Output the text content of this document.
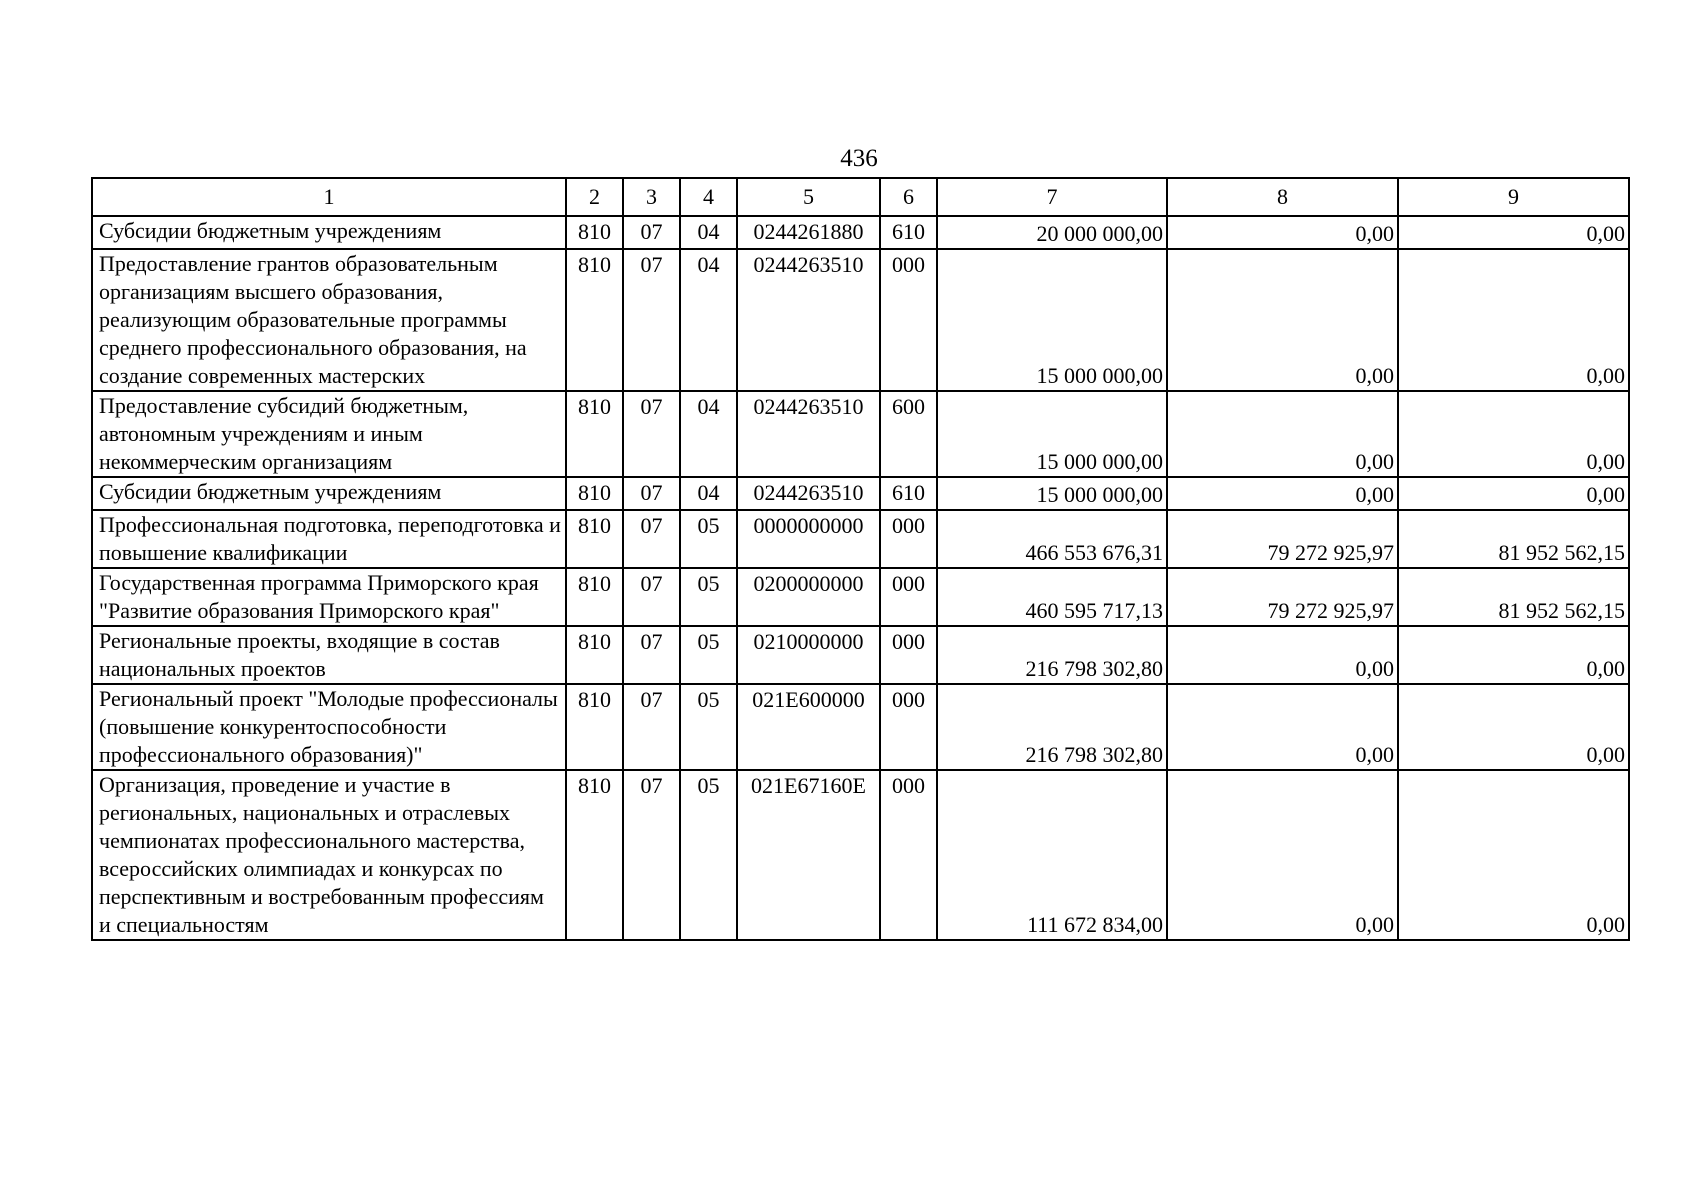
436
1	2	3	4	5	6	7	8	9
Субсидии бюджетным учреждениям	810	07	04	0244261880	610	20 000 000,00	0,00	0,00
Предоставление грантов образовательным организациям высшего образования, реализующим образовательные программы среднего профессионального образования, на создание современных мастерских	810	07	04	0244263510	000	15 000 000,00	0,00	0,00
Предоставление субсидий бюджетным, автономным учреждениям и иным некоммерческим организациям	810	07	04	0244263510	600	15 000 000,00	0,00	0,00
Субсидии бюджетным учреждениям	810	07	04	0244263510	610	15 000 000,00	0,00	0,00
Профессиональная подготовка, переподготовка и повышение квалификации	810	07	05	0000000000	000	466 553 676,31	79 272 925,97	81 952 562,15
Государственная программа Приморского края "Развитие образования Приморского края"	810	07	05	0200000000	000	460 595 717,13	79 272 925,97	81 952 562,15
Региональные проекты, входящие в состав национальных проектов	810	07	05	0210000000	000	216 798 302,80	0,00	0,00
Региональный проект "Молодые профессионалы (повышение конкурентоспособности профессионального образования)"	810	07	05	021E600000	000	216 798 302,80	0,00	0,00
Организация, проведение и участие в региональных, национальных и отраслевых чемпионатах профессионального мастерства, всероссийских олимпиадах и конкурсах по перспективным и востребованным профессиям и специальностям	810	07	05	021E67160E	000	111 672 834,00	0,00	0,00
